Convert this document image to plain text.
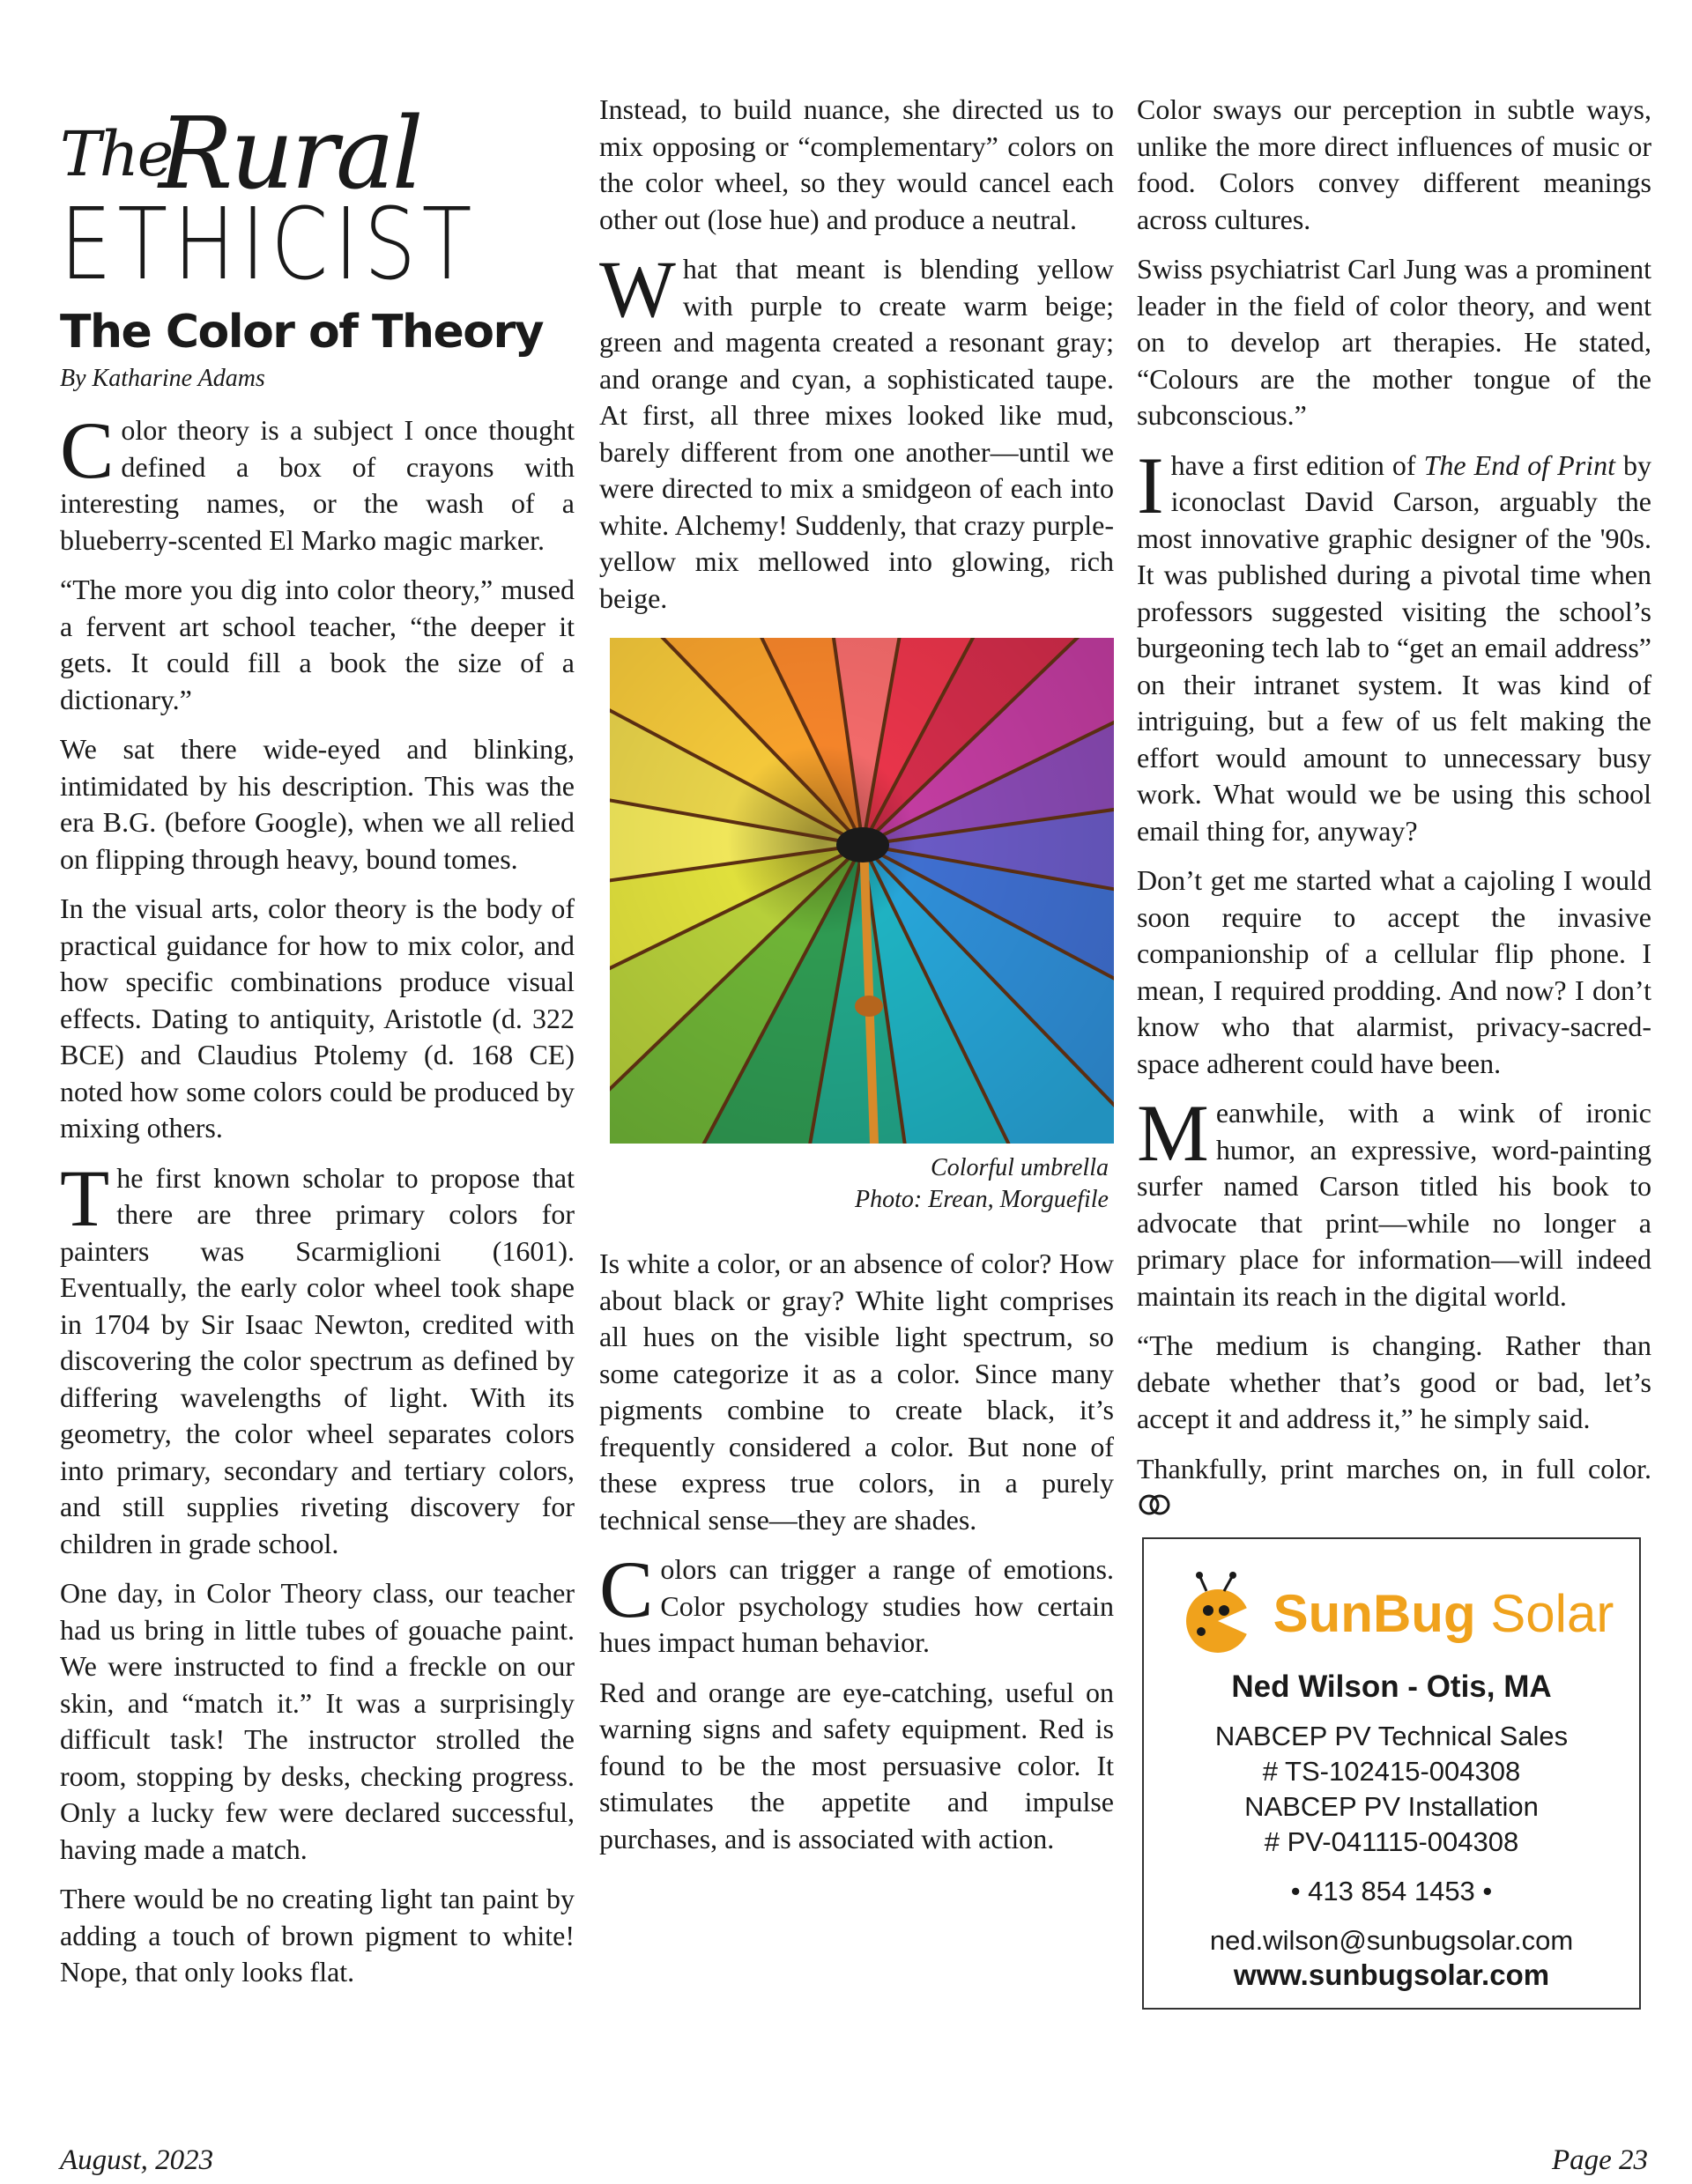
The
Rural
ETHICIST
The Color of Theory
By Katharine Adams

Color theory is a subject I once thought defined a box of crayons with interesting names, or the wash of a blueberry-scented El Marko magic marker.

“The more you dig into color theory,” mused a fervent art school teacher, “the deeper it gets. It could fill a book the size of a dictionary.”

We sat there wide-eyed and blinking, intimidated by his description. This was the era B.G. (before Google), when we all relied on flipping through heavy, bound tomes.

In the visual arts, color theory is the body of practical guidance for how to mix color, and how specific combinations produce visual effects. Dating to antiquity, Aristotle (d. 322 BCE) and Claudius Ptolemy (d. 168 CE) noted how some colors could be produced by mixing others.

The first known scholar to propose that there are three primary colors for painters was Scarmiglioni (1601). Eventually, the early color wheel took shape in 1704 by Sir Isaac Newton, credited with discovering the color spectrum as defined by differing wavelengths of light. With its geometry, the color wheel separates colors into primary, secondary and tertiary colors, and still supplies riveting discovery for children in grade school.

One day, in Color Theory class, our teacher had us bring in little tubes of gouache paint. We were instructed to find a freckle on our skin, and “match it.” It was a surprisingly difficult task! The instructor strolled the room, stopping by desks, checking progress. Only a lucky few were declared successful, having made a match.

There would be no creating light tan paint by adding a touch of brown pigment to white! Nope, that only looks flat.

Instead, to build nuance, she directed us to mix opposing or “complementary” colors on the color wheel, so they would cancel each other out (lose hue) and produce a neutral.

What that meant is blending yellow with purple to create warm beige; green and magenta created a resonant gray; and orange and cyan, a sophisticated taupe. At first, all three mixes looked like mud, barely different from one another—until we were directed to mix a smidgeon of each into white. Alchemy! Suddenly, that crazy purple-yellow mix mellowed into glowing, rich beige.

Colorful umbrella
Photo: Erean, Morguefile

Is white a color, or an absence of color? How about black or gray? White light comprises all hues on the visible light spectrum, so some categorize it as a color. Since many pigments combine to create black, it’s frequently considered a color. But none of these express true colors, in a purely technical sense—they are shades.

Colors can trigger a range of emotions. Color psychology studies how certain hues impact human behavior.

Red and orange are eye-catching, useful on warning signs and safety equipment. Red is found to be the most persuasive color. It stimulates the appetite and impulse purchases, and is associated with action.

Color sways our perception in subtle ways, unlike the more direct influences of music or food. Colors convey different meanings across cultures.

Swiss psychiatrist Carl Jung was a prominent leader in the field of color theory, and went on to develop art therapies. He stated, “Colours are the mother tongue of the subconscious.”

I have a first edition of The End of Print by iconoclast David Carson, arguably the most innovative graphic designer of the '90s. It was published during a pivotal time when professors suggested visiting the school’s burgeoning tech lab to “get an email address” on their intranet system. It was kind of intriguing, but a few of us felt making the effort would amount to unnecessary busy work. What would we be using this school email thing for, anyway?

Don’t get me started what a cajoling I would soon require to accept the invasive companionship of a cellular flip phone. I mean, I required prodding. And now? I don’t know who that alarmist, privacy-sacred-space adherent could have been.

Meanwhile, with a wink of ironic humor, an expressive, word-painting surfer named Carson titled his book to advocate that print—while no longer a primary place for information—will indeed maintain its reach in the digital world.

“The medium is changing. Rather than debate whether that’s good or bad, let’s accept it and address it,” he simply said.

Thankfully, print marches on, in full color.

SunBug Solar
Ned Wilson - Otis, MA
NABCEP PV Technical Sales
# TS-102415-004308
NABCEP PV Installation
# PV-041115-004308
• 413 854 1453 •
ned.wilson@sunbugsolar.com
www.sunbugsolar.com
August, 2023	Page 23
